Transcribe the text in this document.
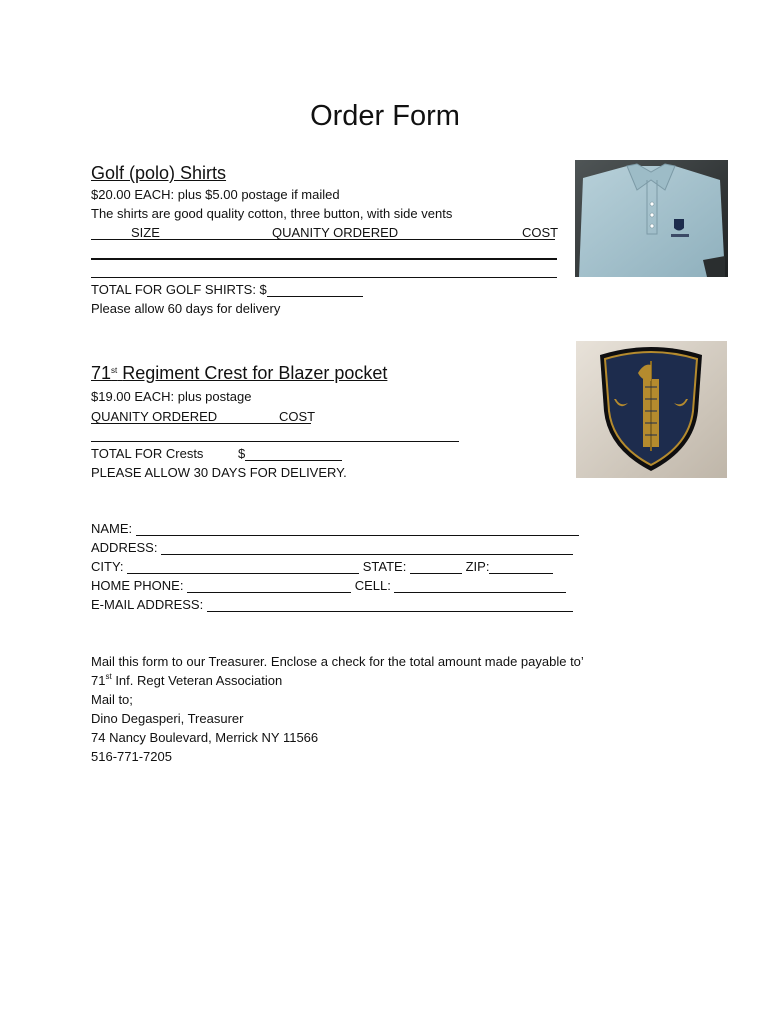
Order Form
Golf (polo) Shirts
$20.00 EACH: plus $5.00 postage if mailed
The shirts are good quality cotton, three button, with side vents
SIZE	QUANITY ORDERED	COST
TOTAL FOR GOLF SHIRTS: $
Please allow 60 days for delivery
71st Regiment Crest for Blazer pocket
$19.00 EACH: plus postage
QUANITY ORDERED	COST
TOTAL FOR Crests	$
PLEASE ALLOW 30 DAYS FOR DELIVERY.
NAME:
ADDRESS:
CITY:	STATE:	ZIP:
HOME PHONE:	CELL:
E-MAIL ADDRESS:
Mail this form to our Treasurer. Enclose a check for the total amount made payable to’
71st Inf. Regt Veteran Association
Mail to;
Dino Degasperi, Treasurer
74 Nancy Boulevard, Merrick NY 11566
516-771-7205
